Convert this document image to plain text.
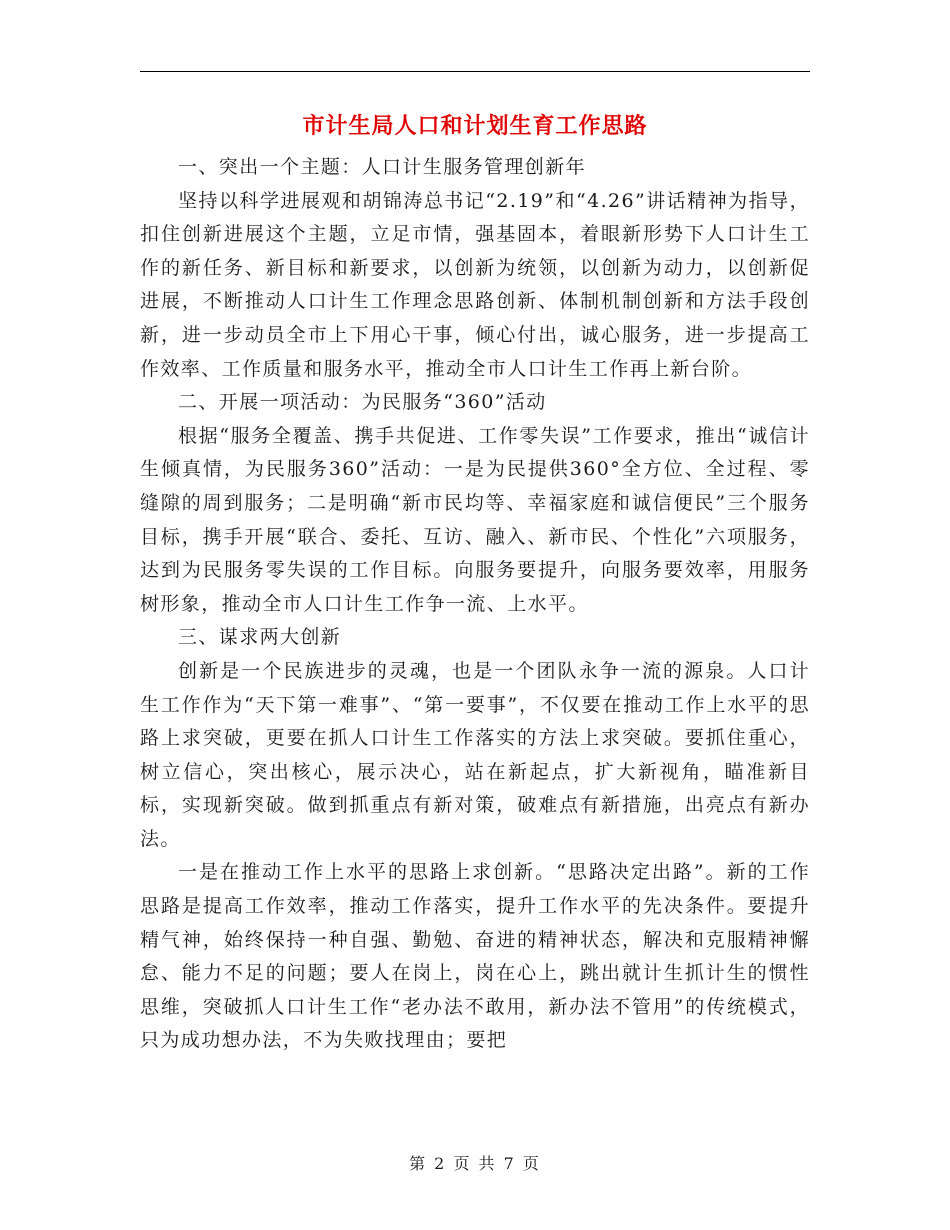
市计生局人口和计划生育工作思路

一、突出一个主题：人口计生服务管理创新年

坚持以科学进展观和胡锦涛总书记“2.19”和“4.26”讲话精神为指导，扣住创新进展这个主题，立足市情，强基固本，着眼新形势下人口计生工作的新任务、新目标和新要求，以创新为统领，以创新为动力，以创新促进展，不断推动人口计生工作理念思路创新、体制机制创新和方法手段创新，进一步动员全市上下用心干事，倾心付出，诚心服务，进一步提高工作效率、工作质量和服务水平，推动全市人口计生工作再上新台阶。

二、开展一项活动：为民服务“360”活动

根据“服务全覆盖、携手共促进、工作零失误”工作要求，推出“诚信计生倾真情，为民服务360”活动：一是为民提供360°全方位、全过程、零缝隙的周到服务；二是明确“新市民均等、幸福家庭和诚信便民”三个服务目标，携手开展“联合、委托、互访、融入、新市民、个性化”六项服务，达到为民服务零失误的工作目标。向服务要提升，向服务要效率，用服务树形象，推动全市人口计生工作争一流、上水平。

三、谋求两大创新

创新是一个民族进步的灵魂，也是一个团队永争一流的源泉。人口计生工作作为“天下第一难事”、“第一要事”，不仅要在推动工作上水平的思路上求突破，更要在抓人口计生工作落实的方法上求突破。要抓住重心，树立信心，突出核心，展示决心，站在新起点，扩大新视角，瞄准新目标，实现新突破。做到抓重点有新对策，破难点有新措施，出亮点有新办法。

一是在推动工作上水平的思路上求创新。“思路决定出路”。新的工作思路是提高工作效率，推动工作落实，提升工作水平的先决条件。要提升精气神，始终保持一种自强、勤勉、奋进的精神状态，解决和克服精神懈怠、能力不足的问题；要人在岗上，岗在心上，跳出就计生抓计生的惯性思维，突破抓人口计生工作“老办法不敢用，新办法不管用”的传统模式，只为成功想办法，不为失败找理由；要把

第 2 页 共 7 页
